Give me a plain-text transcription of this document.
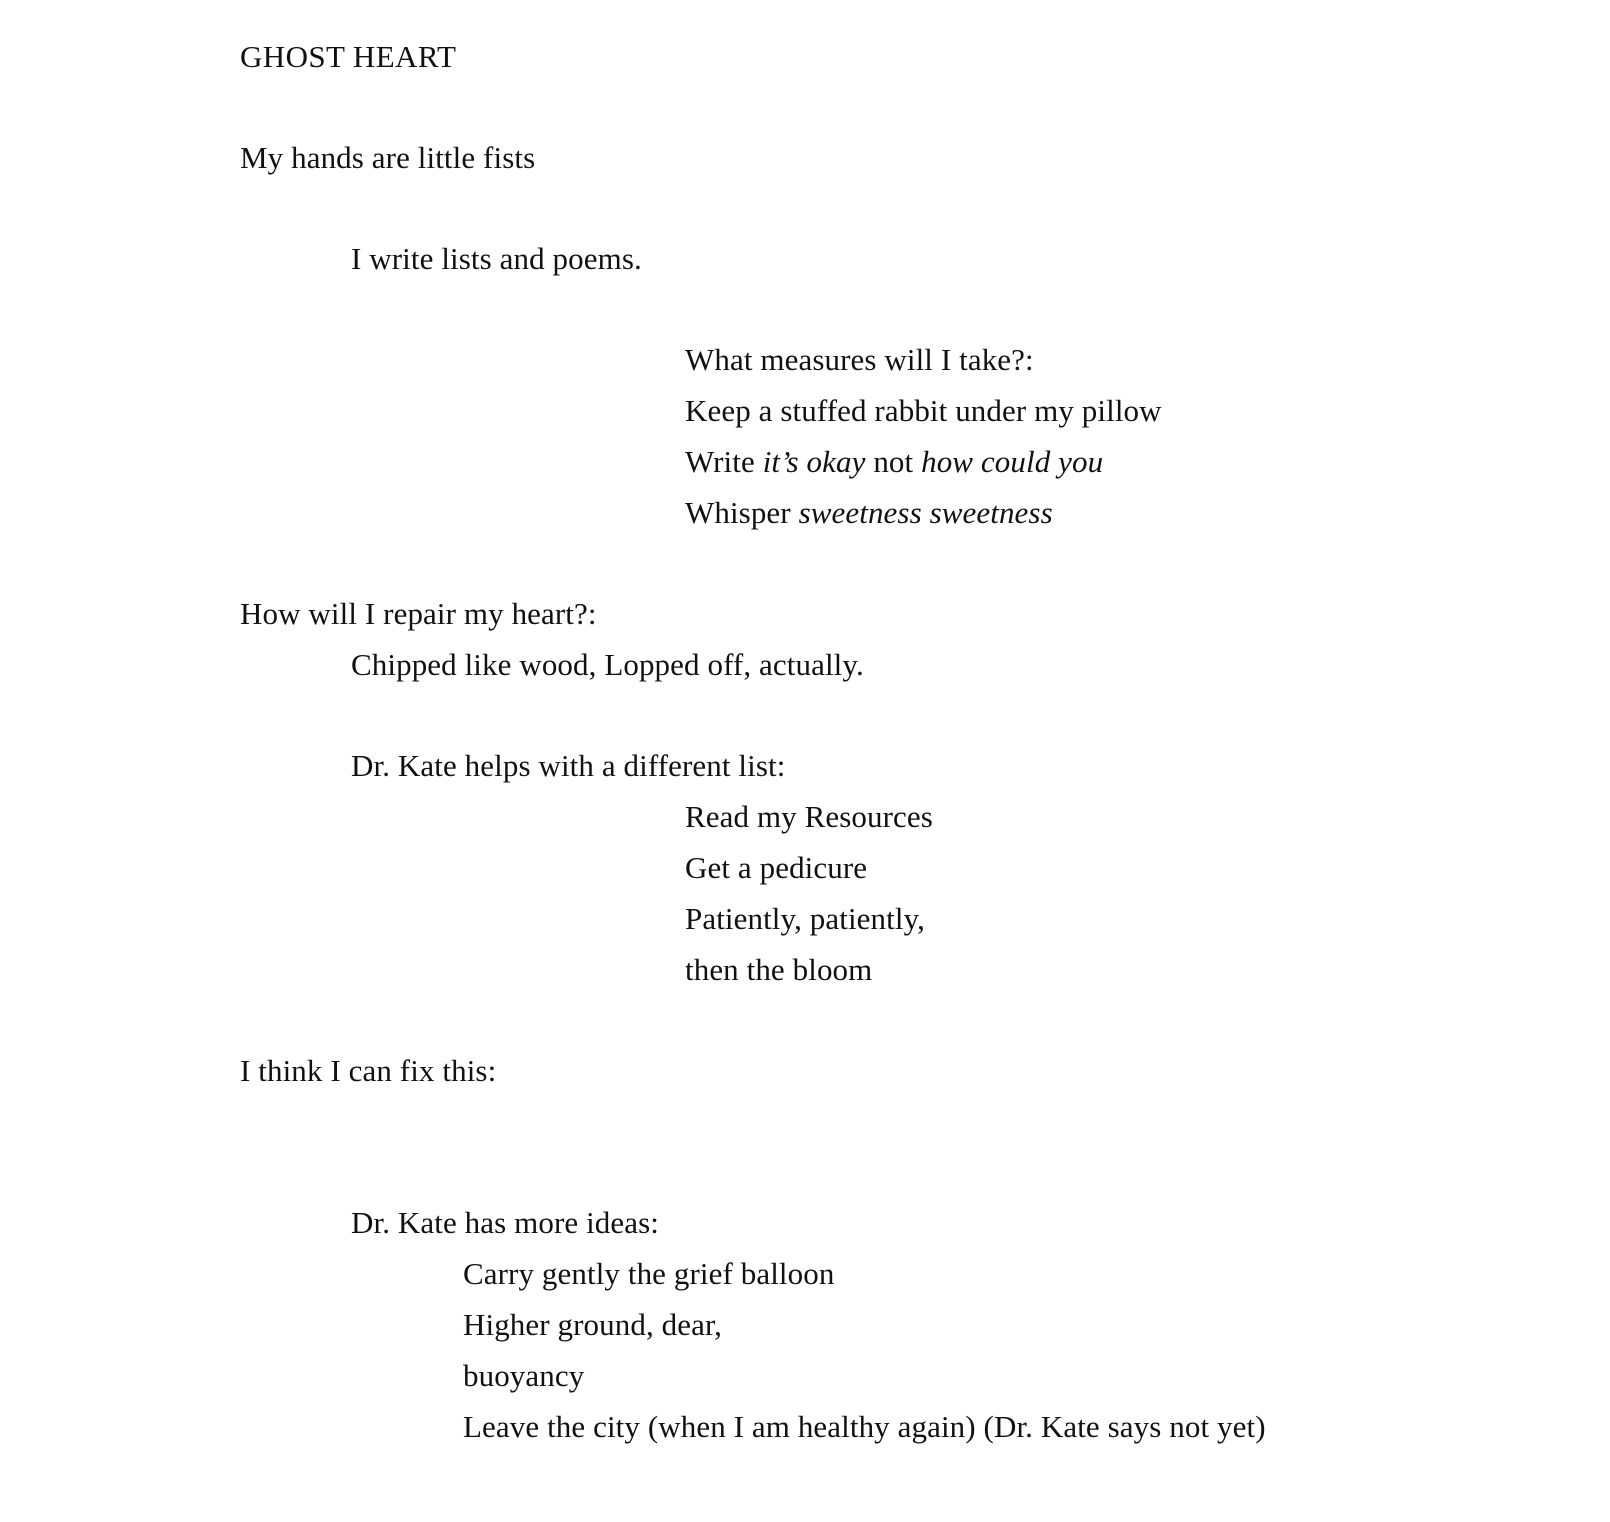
GHOST HEART
My hands are little fists
I write lists and poems.
What measures will I take?:
Keep a stuffed rabbit under my pillow
Write it’s okay not how could you
Whisper sweetness sweetness
How will I repair my heart?:
Chipped like wood, Lopped off, actually.
Dr. Kate helps with a different list:
Read my Resources
Get a pedicure
Patiently, patiently,
then the bloom
I think I can fix this:
Dr. Kate has more ideas:
Carry gently the grief balloon
Higher ground, dear,
buoyancy
Leave the city (when I am healthy again) (Dr. Kate says not yet)
